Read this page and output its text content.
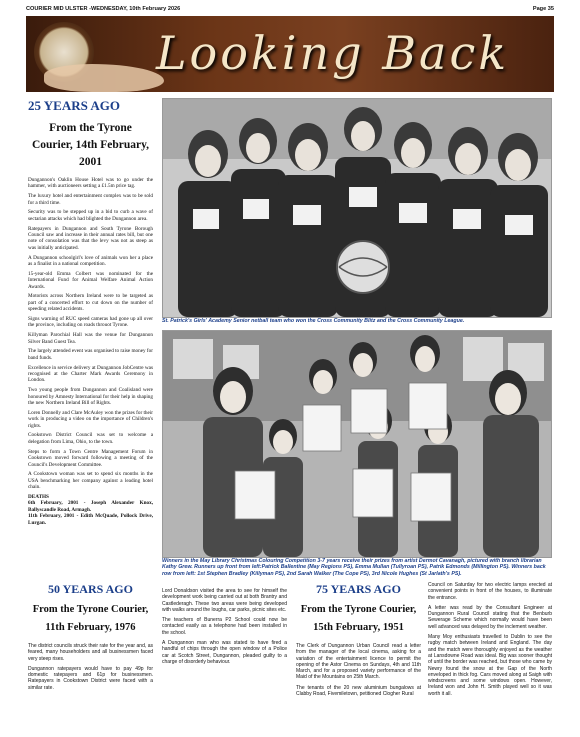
COURIER MID ULSTER -WEDNESDAY, 10th February 2026	Page 35
Looking Back
25 YEARS AGO
From the Tyrone Courier, 14th February, 2001

Dungannon's Oaklin House Hotel was to go under the hammer, with auctioneers setting a £1.5m price tag.

The luxury hotel and entertainment complex was to be sold for a third time.

Security was to be stepped up in a bid to curb a wave of sectarian attacks which had blighted the Dungannon area.

Ratepayers in Dungannon and South Tyrone Borough Council saw and increase in their annual rates bill, but one note of consolation was that the levy was not as steep as was initially anticipated.

A Dungannon schoolgirl's love of animals won her a place as a finalist in a national competition.

15-year-old Emma Colbert was nominated for the International Fund for Animal Welfare Animal Action Awards.

Motorists across Northern Ireland were to be targeted as part of a concerted effort to cut down on the number of speeding related accidents.

Signs warning of RUC speed cameras had gone up all over the province, including on roads throuot Tyrone.

Killyman Parochial Hall was the venue for Dungannon Silver Band Guest Tea.

The largely attended event was organised to raise money for band funds.

Excellence in service delivery at Dungannon JobCentre was recognised at the Charter Mark Awards Ceremony in London.

Two young people from Dungannon and Coalisland were honoured by Amnesty International for their help in shaping the new Northern Ireland Bill of Rights.

Loren Donnelly and Clare McAuley won the prizes for their work in producing a video on the importance of Children's rights.

Cookstown District Council was set to welcome a delegation from Lima, Ohio, to the town.

Steps to form a Town Centre Management Forum in Cookstown moved forward following a meeting of the Council's Development Committee.

A Cookstown woman was set to spend six months in the USA benchmarking her company against a leading hotel chain.

DEATHS

6th February, 2001 - Joseph Alexander Knox, Ballyscandle Road, Armagh.

11th February, 2001 - Edith McQuade, Pollock Drive, Lurgan.

St. Patrick's Girls' Academy Senior netball team who won the Cross Community Blitz and the Cross Community League.
Winners in the May Library Christmas Colouring Competition 3-7 years receive their prizes from artist Dermot Cavanagh, pictured with branch librarian Kathy Grew. Runners up front from left:Patrick Ballentine (May Regions PS), Emma Mullan (Tullyroan PS), Patrik Edmonds (Millington PS). Winners back row from left: 1st Stephen Bradley (Killyman PS), 2nd Sarah Walker (The Cope PS), 3rd Nicole Hughes (St Jarlath's PS).
50 YEARS AGO
From the Tyrone Courier, 11th February, 1976

The district councils struck their rate for the year and, as feared, many householders and all businessmen faced very steep rises.

Dungannon ratepayers would have to pay 49p for domestic ratepayers and 61p for businessmen. Ratepayers in Cookstown District were faced with a similar rate.

Lord Donaldson visited the area to see for himself the development work being carried out at both Brantry and Castlederagh. These two areas were being developed with walks around the loughs, car parks, picnic sites etc.

The teachers of Bunerra P2 School could now be contacted easily as a telephone had been installed in the school.

A Dungannon man who was stated to have fired a handful of chips through the open window of a Police car at Scotch Street, Dungannon, pleaded guilty to a charge of disorderly behaviour.

75 YEARS AGO
From the Tyrone Courier, 15th February, 1951

The Clerk of Dungannon Urban Council read a letter from the manager of the local cinema, asking for a variation of the entertainment licence to permit the opening of the Astor Cinema on Sundays, 4th and 11th March, and for a proposed variety performance of the Maid of the Mountains on 25th March.

The tenants of the 20 new aluminium bungalows at Clabby Road, Fivemiletown, petitioned Clogher Rural

Council on Saturday for two electric lamps erected at convenient points in front of the houses, to illuminate the entrance.

A letter was read by the Consultant Engineer at Dungannon Rural Council stating that the Benburb Sewerage Scheme which normally would have been well advanced was delayed by the inclement weather.

Many Moy enthusiasts travelled to Dublin to see the rugby match between Ireland and England. The day and the match were thoroughly enjoyed as the weather at Lansdowne Road was ideal. Big was sooner thought of until the border was reached, but those who came by Newry found the snow at the Gap of the North enveloped in thick fog. Cars moved along at Saigh with windscreens and some windows open. However, Ireland won and John H. Smith played well so it was worth it all.
